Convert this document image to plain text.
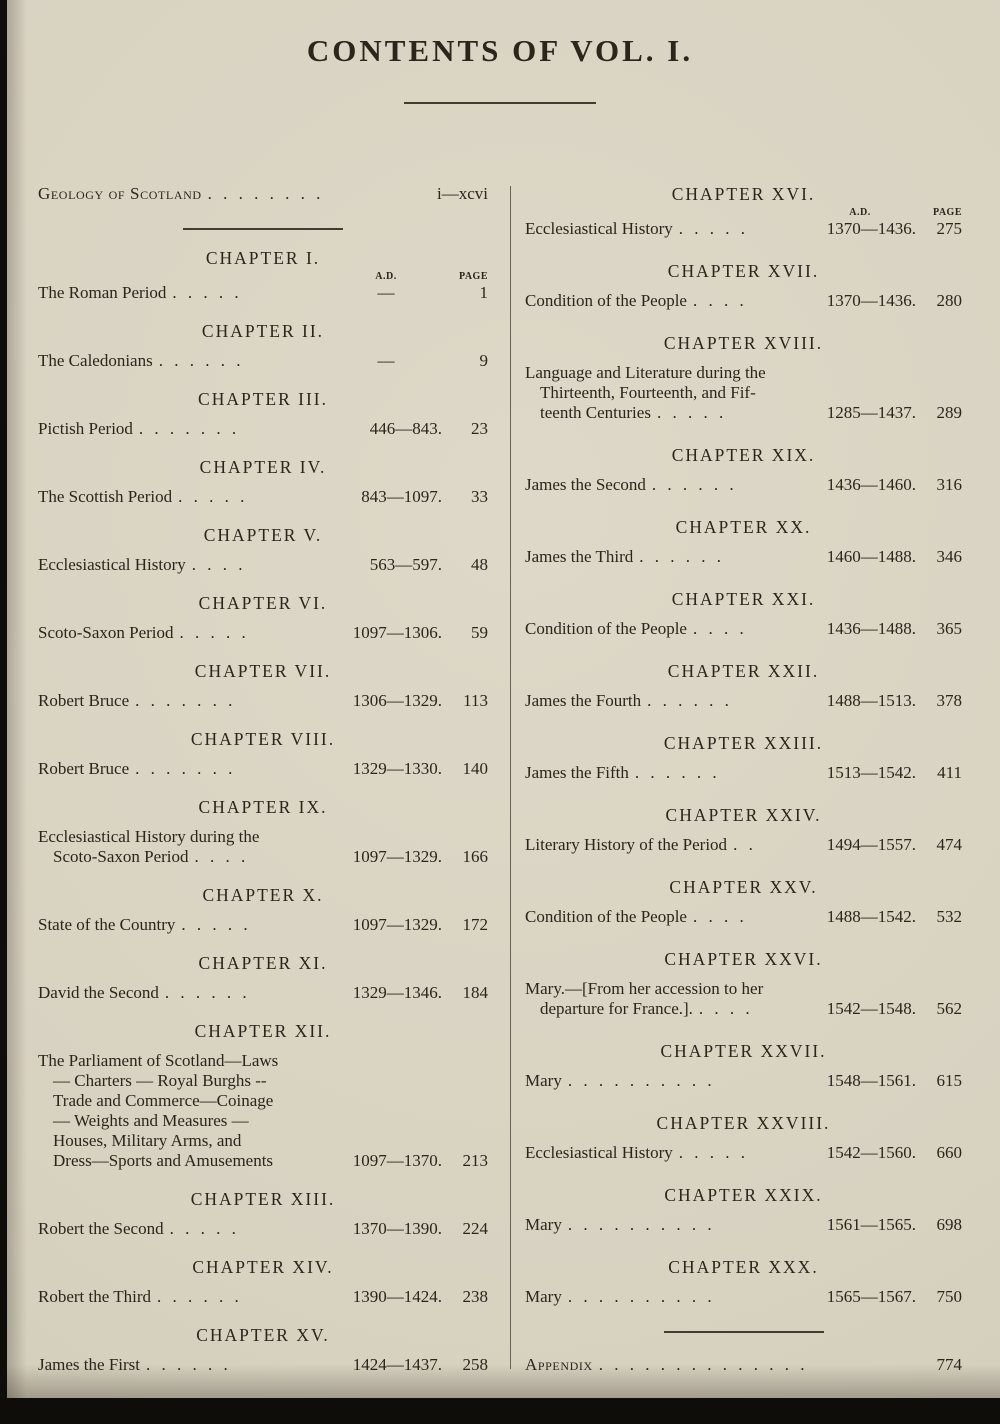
CONTENTS OF VOL. I.
Geology of Scotland . . . . . . . .	i—xcvi
CHAPTER I.
A.D.	PAGE
The Roman Period . . . . .	—	1
CHAPTER II.
The Caledonians . . . . . .	—	9
CHAPTER III.
Pictish Period . . . . . . .	446—843.	23
CHAPTER IV.
The Scottish Period . . . . .	843—1097.	33
CHAPTER V.
Ecclesiastical History . . . .	563—597.	48
CHAPTER VI.
Scoto-Saxon Period . . . . .	1097—1306.	59
CHAPTER VII.
Robert Bruce . . . . . . .	1306—1329.	113
CHAPTER VIII.
Robert Bruce . . . . . . .	1329—1330.	140
CHAPTER IX.
Ecclesiastical History during the
Scoto-Saxon Period . . . .	1097—1329.	166
CHAPTER X.
State of the Country . . . . .	1097—1329.	172
CHAPTER XI.
David the Second . . . . . .	1329—1346.	184
CHAPTER XII.
The Parliament of Scotland—Laws
— Charters — Royal Burghs --
Trade and Commerce—Coinage
— Weights and Measures —
Houses, Military Arms, and
Dress—Sports and Amusements	1097—1370.	213
CHAPTER XIII.
Robert the Second . . . . .	1370—1390.	224
CHAPTER XIV.
Robert the Third . . . . . .	1390—1424.	238
CHAPTER XV.
James the First . . . . . .	1424—1437.	258
CHAPTER XVI.
A.D.	PAGE
Ecclesiastical History . . . . .	1370—1436.	275
CHAPTER XVII.
Condition of the People . . . .	1370—1436.	280
CHAPTER XVIII.
Language and Literature during the
Thirteenth, Fourteenth, and Fif-
teenth Centuries . . . . .	1285—1437.	289
CHAPTER XIX.
James the Second . . . . . .	1436—1460.	316
CHAPTER XX.
James the Third . . . . . .	1460—1488.	346
CHAPTER XXI.
Condition of the People . . . .	1436—1488.	365
CHAPTER XXII.
James the Fourth . . . . . .	1488—1513.	378
CHAPTER XXIII.
James the Fifth . . . . . .	1513—1542.	411
CHAPTER XXIV.
Literary History of the Period . .	1494—1557.	474
CHAPTER XXV.
Condition of the People . . . .	1488—1542.	532
CHAPTER XXVI.
Mary.—[From her accession to her
departure for France.]. . . . .	1542—1548.	562
CHAPTER XXVII.
Mary . . . . . . . . . .	1548—1561.	615
CHAPTER XXVIII.
Ecclesiastical History . . . . .	1542—1560.	660
CHAPTER XXIX.
Mary . . . . . . . . . .	1561—1565.	698
CHAPTER XXX.
Mary . . . . . . . . . .	1565—1567.	750
Appendix . . . . . . . . . . . . . .	774
